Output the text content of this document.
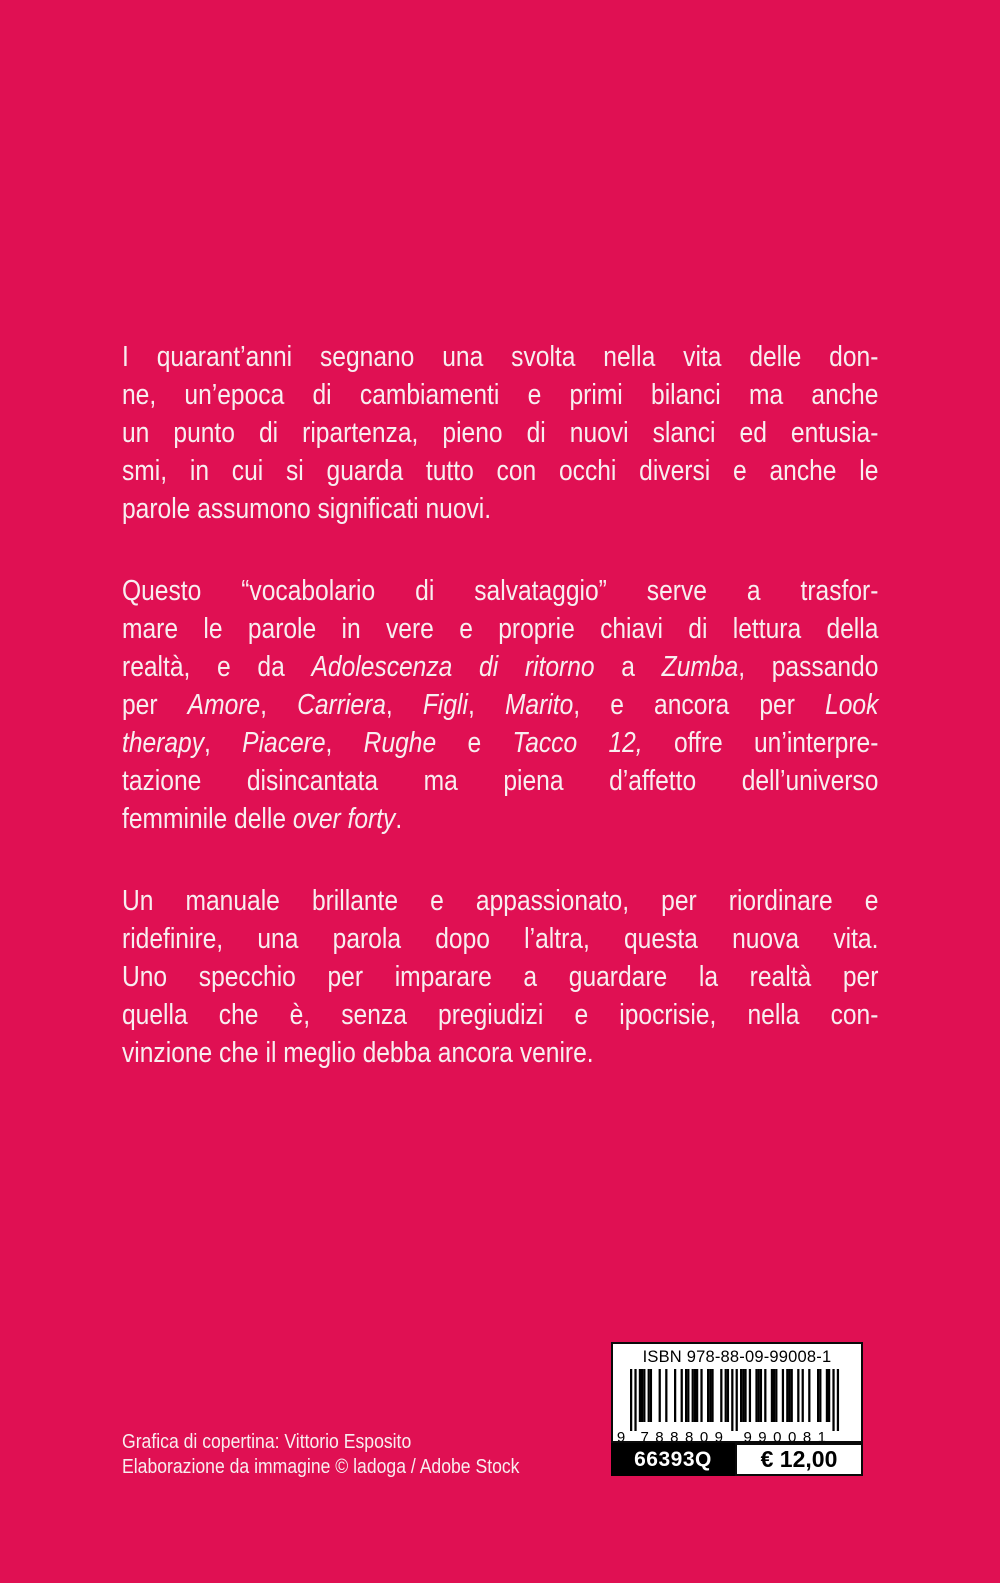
I quarant’anni segnano una svolta nella vita delle don-
ne, un’epoca di cambiamenti e primi bilanci ma anche
un punto di ripartenza, pieno di nuovi slanci ed entusia-
smi, in cui si guarda tutto con occhi diversi e anche le
parole assumono significati nuovi.
Questo “vocabolario di salvataggio” serve a trasfor-
mare le parole in vere e proprie chiavi di lettura della
realtà, e da Adolescenza di ritorno a Zumba, passando
per Amore, Carriera, Figli, Marito, e ancora per Look
therapy, Piacere, Rughe e Tacco 12, offre un’interpre-
tazione disincantata ma piena d’affetto dell’universo
femminile delle over forty.
Un manuale brillante e appassionato, per riordinare e
ridefinire, una parola dopo l’altra, questa nuova vita.
Uno specchio per imparare a guardare la realtà per
quella che è, senza pregiudizi e ipocrisie, nella con-
vinzione che il meglio debba ancora venire.
Grafica di copertina: Vittorio Esposito
Elaborazione da immagine © ladoga / Adobe Stock
ISBN 978-88-09-99008-1
9 788809 990081
66393Q	€ 12,00
